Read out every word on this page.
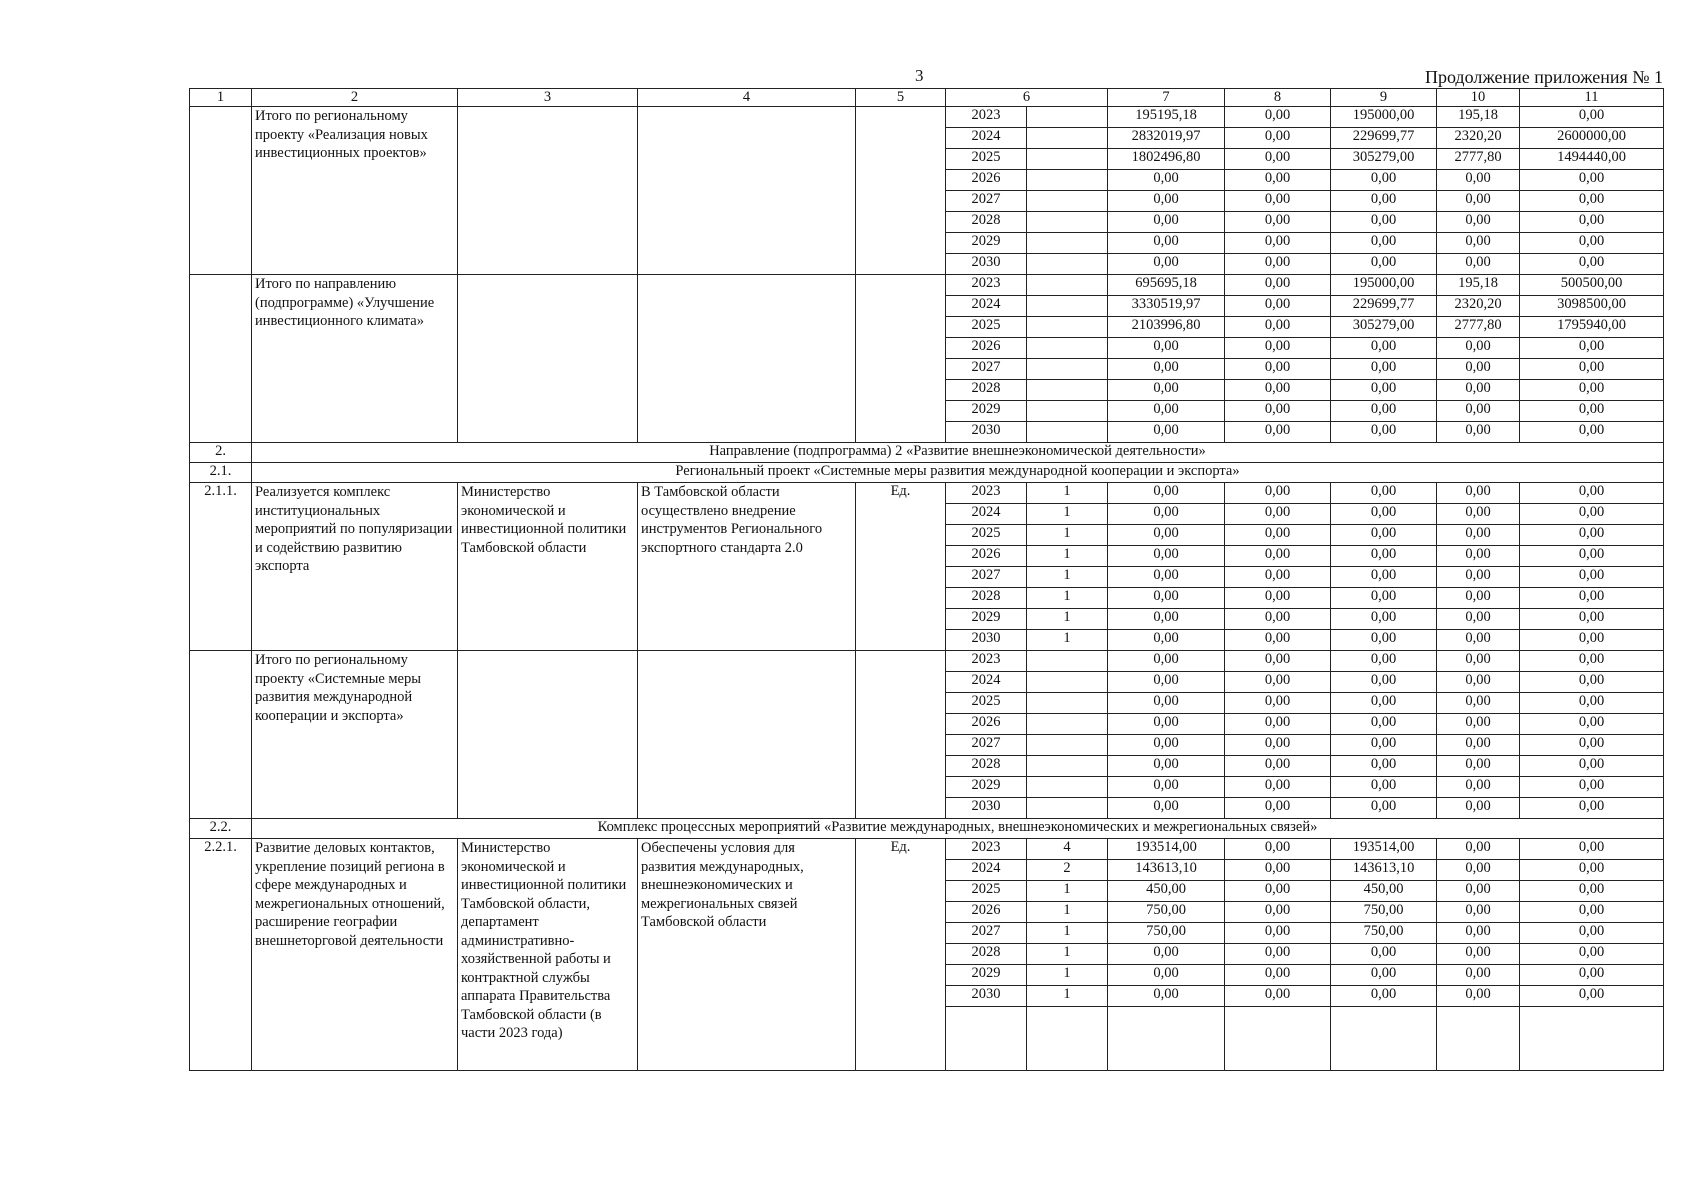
3	Продолжение приложения № 1
1	2	3	4	5	6		7	8	9	10	11
	Итого по региональному проекту «Реализация новых инвестиционных проектов»				2023		195195,18	0,00	195000,00	195,18	0,00
					2024		2832019,97	0,00	229699,77	2320,20	2600000,00
					2025		1802496,80	0,00	305279,00	2777,80	1494440,00
					2026		0,00	0,00	0,00	0,00	0,00
					2027		0,00	0,00	0,00	0,00	0,00
					2028		0,00	0,00	0,00	0,00	0,00
					2029		0,00	0,00	0,00	0,00	0,00
					2030		0,00	0,00	0,00	0,00	0,00
	Итого по направлению (подпрограмме) «Улучшение инвестиционного климата»				2023		695695,18	0,00	195000,00	195,18	500500,00
					2024		3330519,97	0,00	229699,77	2320,20	3098500,00
					2025		2103996,80	0,00	305279,00	2777,80	1795940,00
					2026		0,00	0,00	0,00	0,00	0,00
					2027		0,00	0,00	0,00	0,00	0,00
					2028		0,00	0,00	0,00	0,00	0,00
					2029		0,00	0,00	0,00	0,00	0,00
					2030		0,00	0,00	0,00	0,00	0,00
2.	Направление (подпрограмма) 2 «Развитие внешнеэкономической деятельности»										
2.1.	Региональный проект «Системные меры развития международной кооперации и экспорта»										
2.1.1.	Реализуется комплекс институциональных мероприятий по популяризации и содействию развитию экспорта	Министерство экономической и инвестиционной политики Тамбовской области	В Тамбовской области осуществлено внедрение инструментов Регионального экспортного стандарта 2.0	Ед.	2023	1	0,00	0,00	0,00	0,00	0,00
					2024	1	0,00	0,00	0,00	0,00	0,00
					2025	1	0,00	0,00	0,00	0,00	0,00
					2026	1	0,00	0,00	0,00	0,00	0,00
					2027	1	0,00	0,00	0,00	0,00	0,00
					2028	1	0,00	0,00	0,00	0,00	0,00
					2029	1	0,00	0,00	0,00	0,00	0,00
					2030	1	0,00	0,00	0,00	0,00	0,00
	Итого по региональному проекту «Системные меры развития международной кооперации и экспорта»				2023		0,00	0,00	0,00	0,00	0,00
					2024		0,00	0,00	0,00	0,00	0,00
					2025		0,00	0,00	0,00	0,00	0,00
					2026		0,00	0,00	0,00	0,00	0,00
					2027		0,00	0,00	0,00	0,00	0,00
					2028		0,00	0,00	0,00	0,00	0,00
					2029		0,00	0,00	0,00	0,00	0,00
					2030		0,00	0,00	0,00	0,00	0,00
2.2.	Комплекс процессных мероприятий «Развитие международных, внешнеэкономических и межрегиональных связей»										
2.2.1.	Развитие деловых контактов, укрепление позиций региона в сфере международных и межрегиональных отношений, расширение географии внешнеторговой деятельности	Министерство экономической и инвестиционной политики Тамбовской области, департамент административно-хозяйственной работы и контрактной службы аппарата Правительства Тамбовской области (в части 2023 года)	Обеспечены условия для развития международных, внешнеэкономических и межрегиональных связей Тамбовской области	Ед.	2023	4	193514,00	0,00	193514,00	0,00	0,00
					2024	2	143613,10	0,00	143613,10	0,00	0,00
					2025	1	450,00	0,00	450,00	0,00	0,00
					2026	1	750,00	0,00	750,00	0,00	0,00
					2027	1	750,00	0,00	750,00	0,00	0,00
					2028	1	0,00	0,00	0,00	0,00	0,00
					2029	1	0,00	0,00	0,00	0,00	0,00
					2030	1	0,00	0,00	0,00	0,00	0,00
